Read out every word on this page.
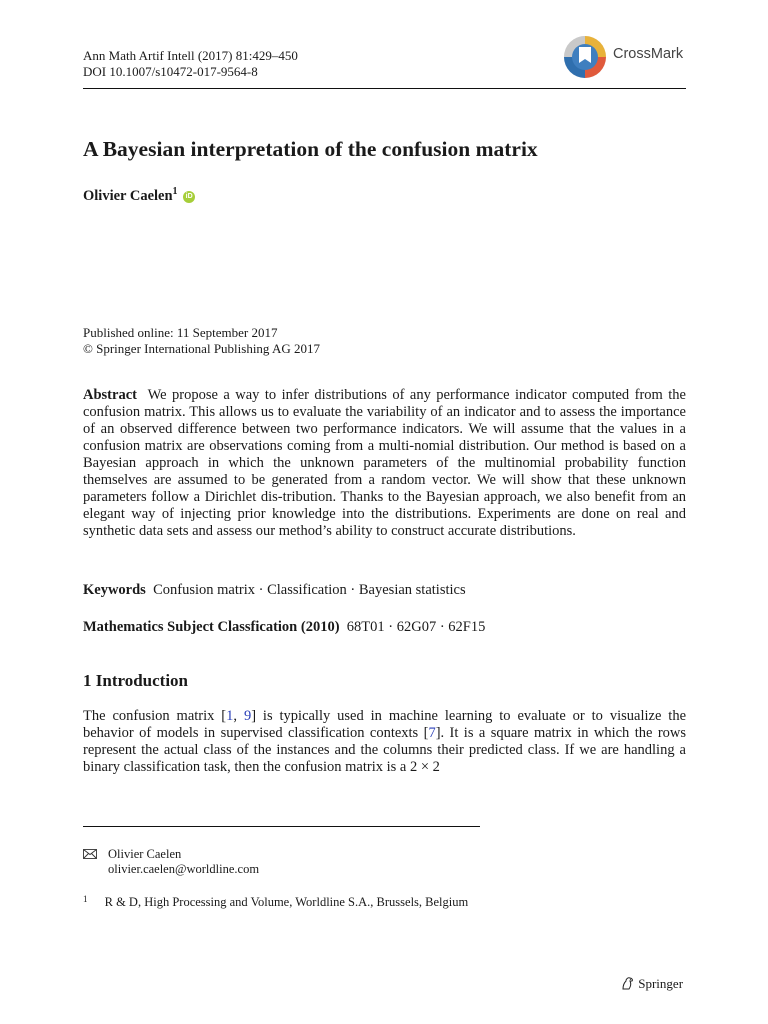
Ann Math Artif Intell (2017) 81:429–450
DOI 10.1007/s10472-017-9564-8
CrossMark
A Bayesian interpretation of the confusion matrix
Olivier Caelen$^1$ iD
Published online: 11 September 2017
© Springer International Publishing AG 2017
Abstract We propose a way to infer distributions of any performance indicator computed from the confusion matrix. This allows us to evaluate the variability of an indicator and to assess the importance of an observed difference between two performance indicators. We will assume that the values in a confusion matrix are observations coming from a multi-nomial distribution. Our method is based on a Bayesian approach in which the unknown parameters of the multinomial probability function themselves are assumed to be generated from a random vector. We will show that these unknown parameters follow a Dirichlet dis-tribution. Thanks to the Bayesian approach, we also benefit from an elegant way of injecting prior knowledge into the distributions. Experiments are done on real and synthetic data sets and assess our method’s ability to construct accurate distributions.
Keywords Confusion matrix · Classification · Bayesian statistics
Mathematics Subject Classfication (2010) 68T01 · 62G07 · 62F15
1 Introduction
The confusion matrix [1, 9] is typically used in machine learning to evaluate or to visualize the behavior of models in supervised classification contexts [7]. It is a square matrix in which the rows represent the actual class of the instances and the columns their predicted class. If we are handling a binary classification task, then the confusion matrix is a 2 × 2
Olivier Caelen
olivier.caelen@worldline.com
$^1$ R & D, High Processing and Volume, Worldline S.A., Brussels, Belgium
Springer
